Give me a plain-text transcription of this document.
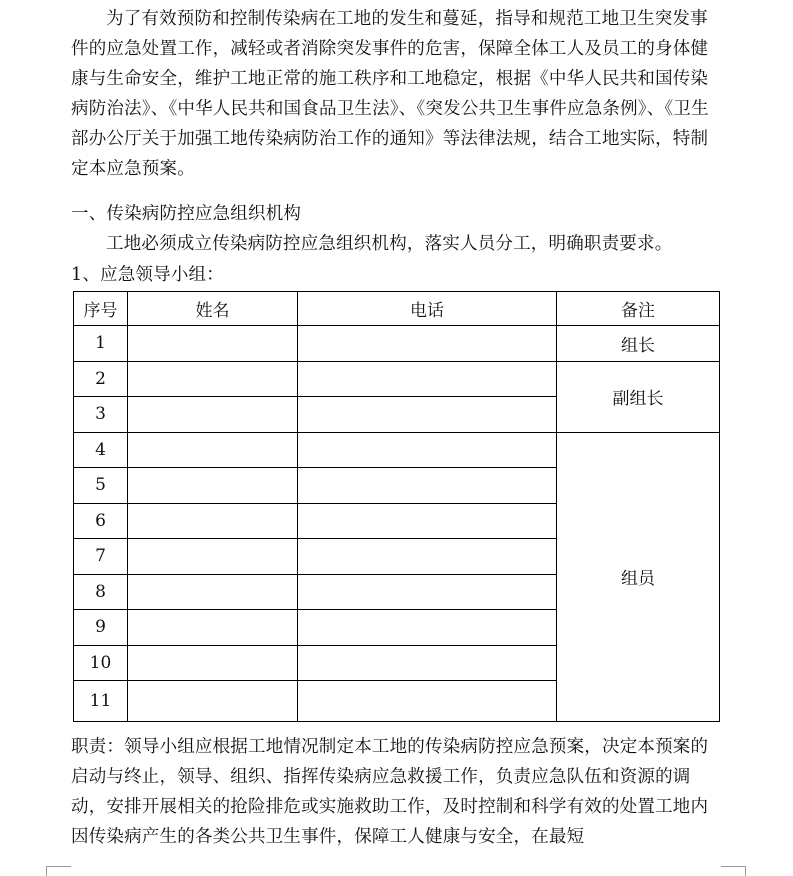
为了有效预防和控制传染病在工地的发生和蔓延，指导和规范工地卫生突发事件的应急处置工作，减轻或者消除突发事件的危害，保障全体工人及员工的身体健康与生命安全，维护工地正常的施工秩序和工地稳定，根据《中华人民共和国传染病防治法》、《中华人民共和国食品卫生法》、《突发公共卫生事件应急条例》、《卫生部办公厅关于加强工地传染病防治工作的通知》等法律法规，结合工地实际，特制定本应急预案。

一、传染病防控应急组织机构

工地必须成立传染病防控应急组织机构，落实人员分工，明确职责要求。

1、应急领导小组：

序号	姓名	电话	备注
1			组长
2			副组长
3			
4			组员
5			
6			
7			
8			
9			
10			
11			

职责：领导小组应根据工地情况制定本工地的传染病防控应急预案，决定本预案的启动与终止，领导、组织、指挥传染病应急救援工作，负责应急队伍和资源的调动，安排开展相关的抢险排危或实施救助工作，及时控制和科学有效的处置工地内因传染病产生的各类公共卫生事件，保障工人健康与安全，在最短
